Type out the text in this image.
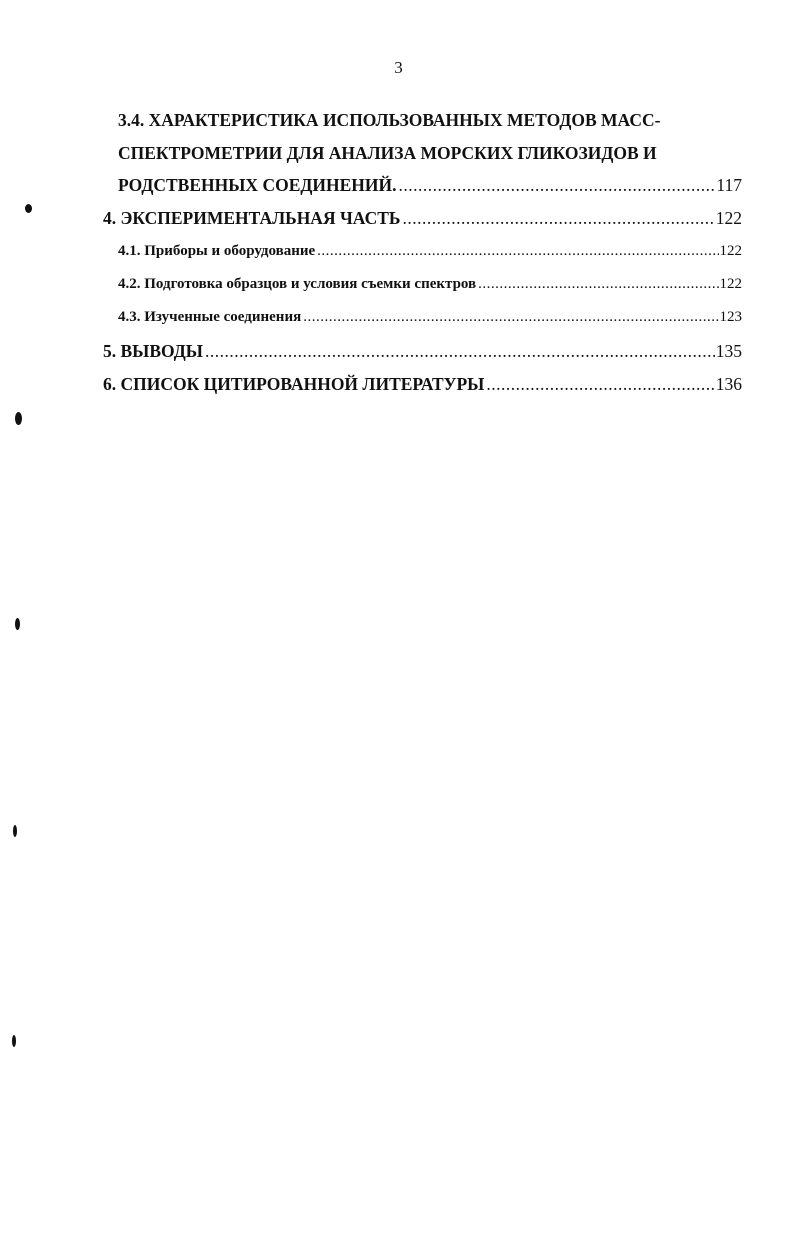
3
3.4. ХАРАКТЕРИСТИКА ИСПОЛЬЗОВАННЫХ МЕТОДОВ МАСС-
СПЕКТРОМЕТРИИ ДЛЯ АНАЛИЗА МОРСКИХ ГЛИКОЗИДОВ И
РОДСТВЕННЫХ СОЕДИНЕНИЙ. .....	117
4. ЭКСПЕРИМЕНТАЛЬНАЯ ЧАСТЬ .....	122
4.1. Приборы и оборудование .....	122
4.2. Подготовка образцов и условия съемки спектров .....	122
4.3. Изученные соединения .....	123
5. ВЫВОДЫ .....	135
6. СПИСОК ЦИТИРОВАННОЙ ЛИТЕРАТУРЫ .....	136
